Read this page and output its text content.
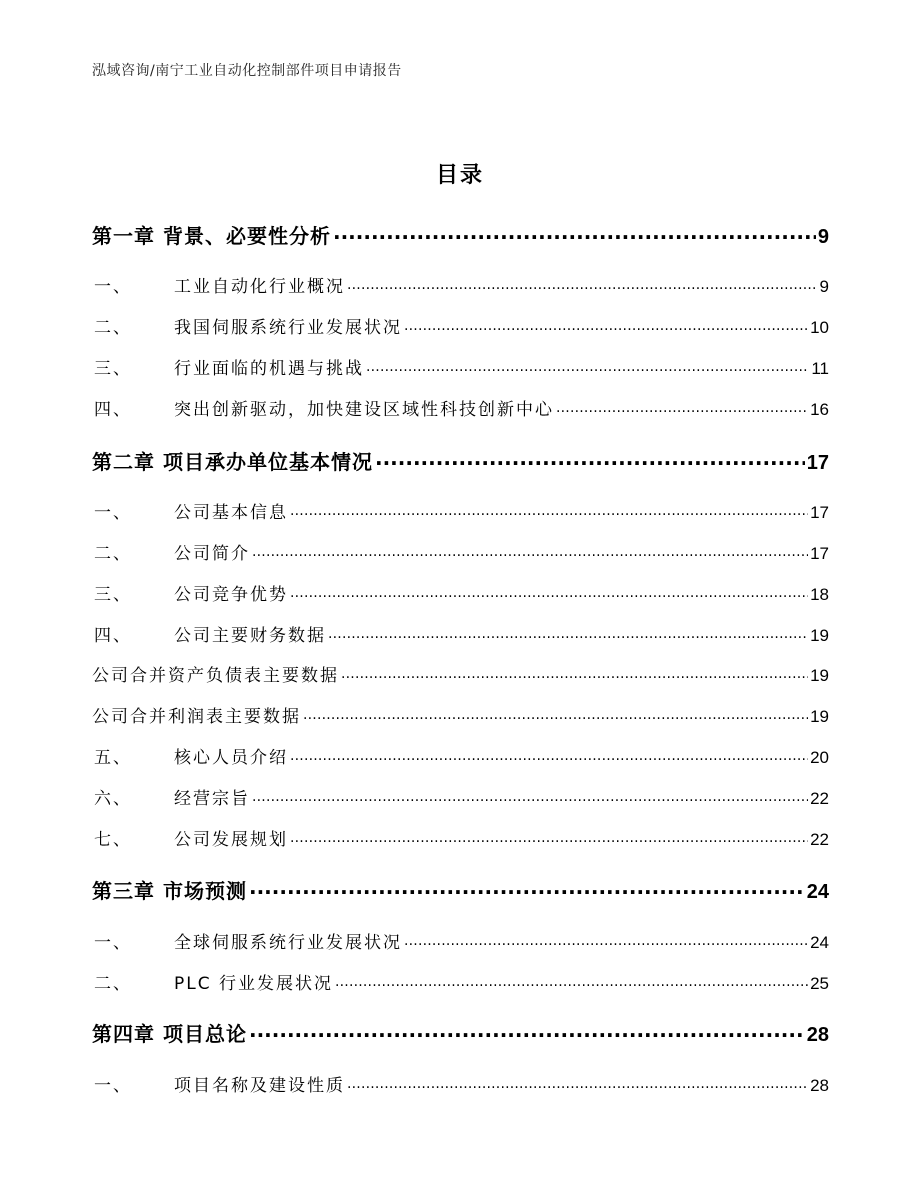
泓域咨询/南宁工业自动化控制部件项目申请报告
目录
第一章 背景、必要性分析 .....	9
一、 工业自动化行业概况 .....	9
二、 我国伺服系统行业发展状况 .....	10
三、 行业面临的机遇与挑战 .....	11
四、 突出创新驱动，加快建设区域性科技创新中心 .....	16
第二章 项目承办单位基本情况 .....	17
一、 公司基本信息 .....	17
二、 公司简介 .....	17
三、 公司竞争优势 .....	18
四、 公司主要财务数据 .....	19
公司合并资产负债表主要数据 .....	19
公司合并利润表主要数据 .....	19
五、 核心人员介绍 .....	20
六、 经营宗旨 .....	22
七、 公司发展规划 .....	22
第三章 市场预测 .....	24
一、 全球伺服系统行业发展状况 .....	24
二、 PLC 行业发展状况 .....	25
第四章 项目总论 .....	28
一、 项目名称及建设性质 .....	28
